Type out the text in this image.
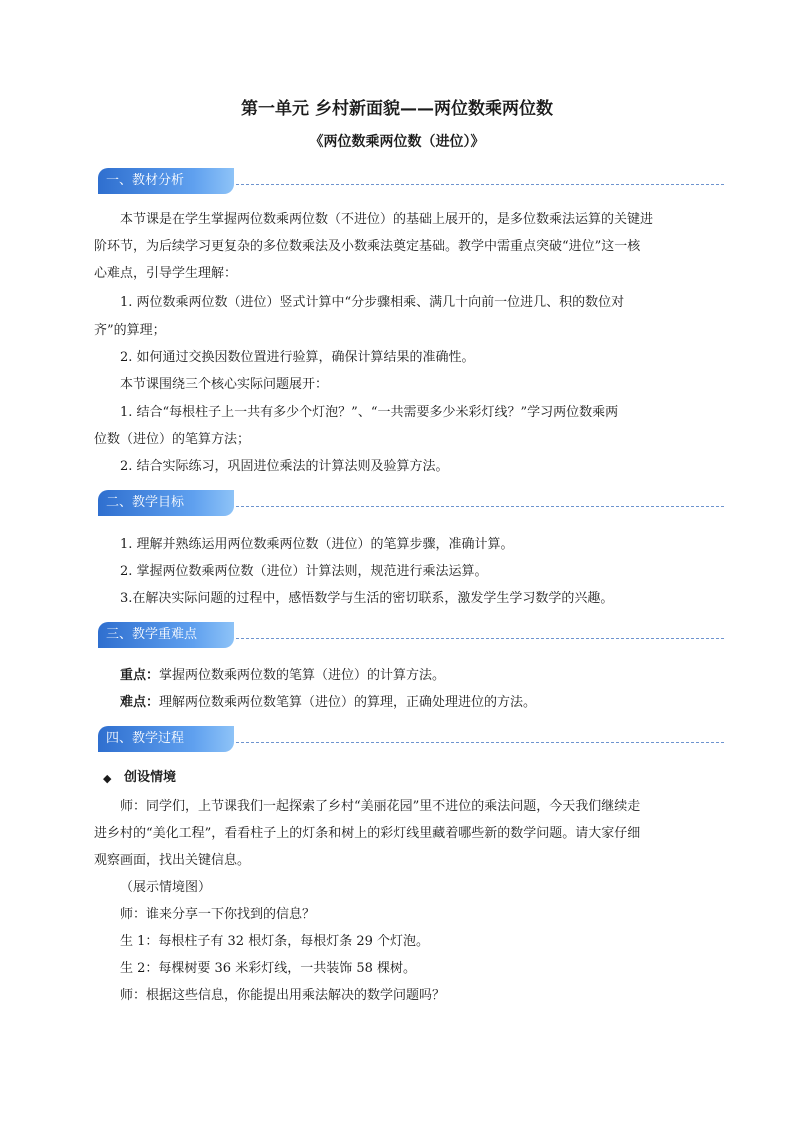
第一单元 乡村新面貌——两位数乘两位数
《两位数乘两位数（进位）》
一、教材分析
本节课是在学生掌握两位数乘两位数（不进位）的基础上展开的，是多位数乘法运算的关键进
阶环节，为后续学习更复杂的多位数乘法及小数乘法奠定基础。教学中需重点突破“进位”这一核
心难点，引导学生理解：
1. 两位数乘两位数（进位）竖式计算中“分步骤相乘、满几十向前一位进几、积的数位对
齐”的算理；
2. 如何通过交换因数位置进行验算，确保计算结果的准确性。
本节课围绕三个核心实际问题展开：
1. 结合“每根柱子上一共有多少个灯泡？”、“一共需要多少米彩灯线？”学习两位数乘两
位数（进位）的笔算方法；
2. 结合实际练习，巩固进位乘法的计算法则及验算方法。
二、教学目标
1. 理解并熟练运用两位数乘两位数（进位）的笔算步骤，准确计算。
2. 掌握两位数乘两位数（进位）计算法则，规范进行乘法运算。
3.在解决实际问题的过程中，感悟数学与生活的密切联系，激发学生学习数学的兴趣。
三、教学重难点
重点：掌握两位数乘两位数的笔算（进位）的计算方法。
难点：理解两位数乘两位数笔算（进位）的算理，正确处理进位的方法。
四、教学过程
◆ 创设情境
师：同学们，上节课我们一起探索了乡村“美丽花园”里不进位的乘法问题，今天我们继续走
进乡村的“美化工程”，看看柱子上的灯条和树上的彩灯线里藏着哪些新的数学问题。请大家仔细
观察画面，找出关键信息。
（展示情境图）
师：谁来分享一下你找到的信息？
生 1：每根柱子有 32 根灯条，每根灯条 29 个灯泡。
生 2：每棵树要 36 米彩灯线，一共装饰 58 棵树。
师：根据这些信息，你能提出用乘法解决的数学问题吗？
